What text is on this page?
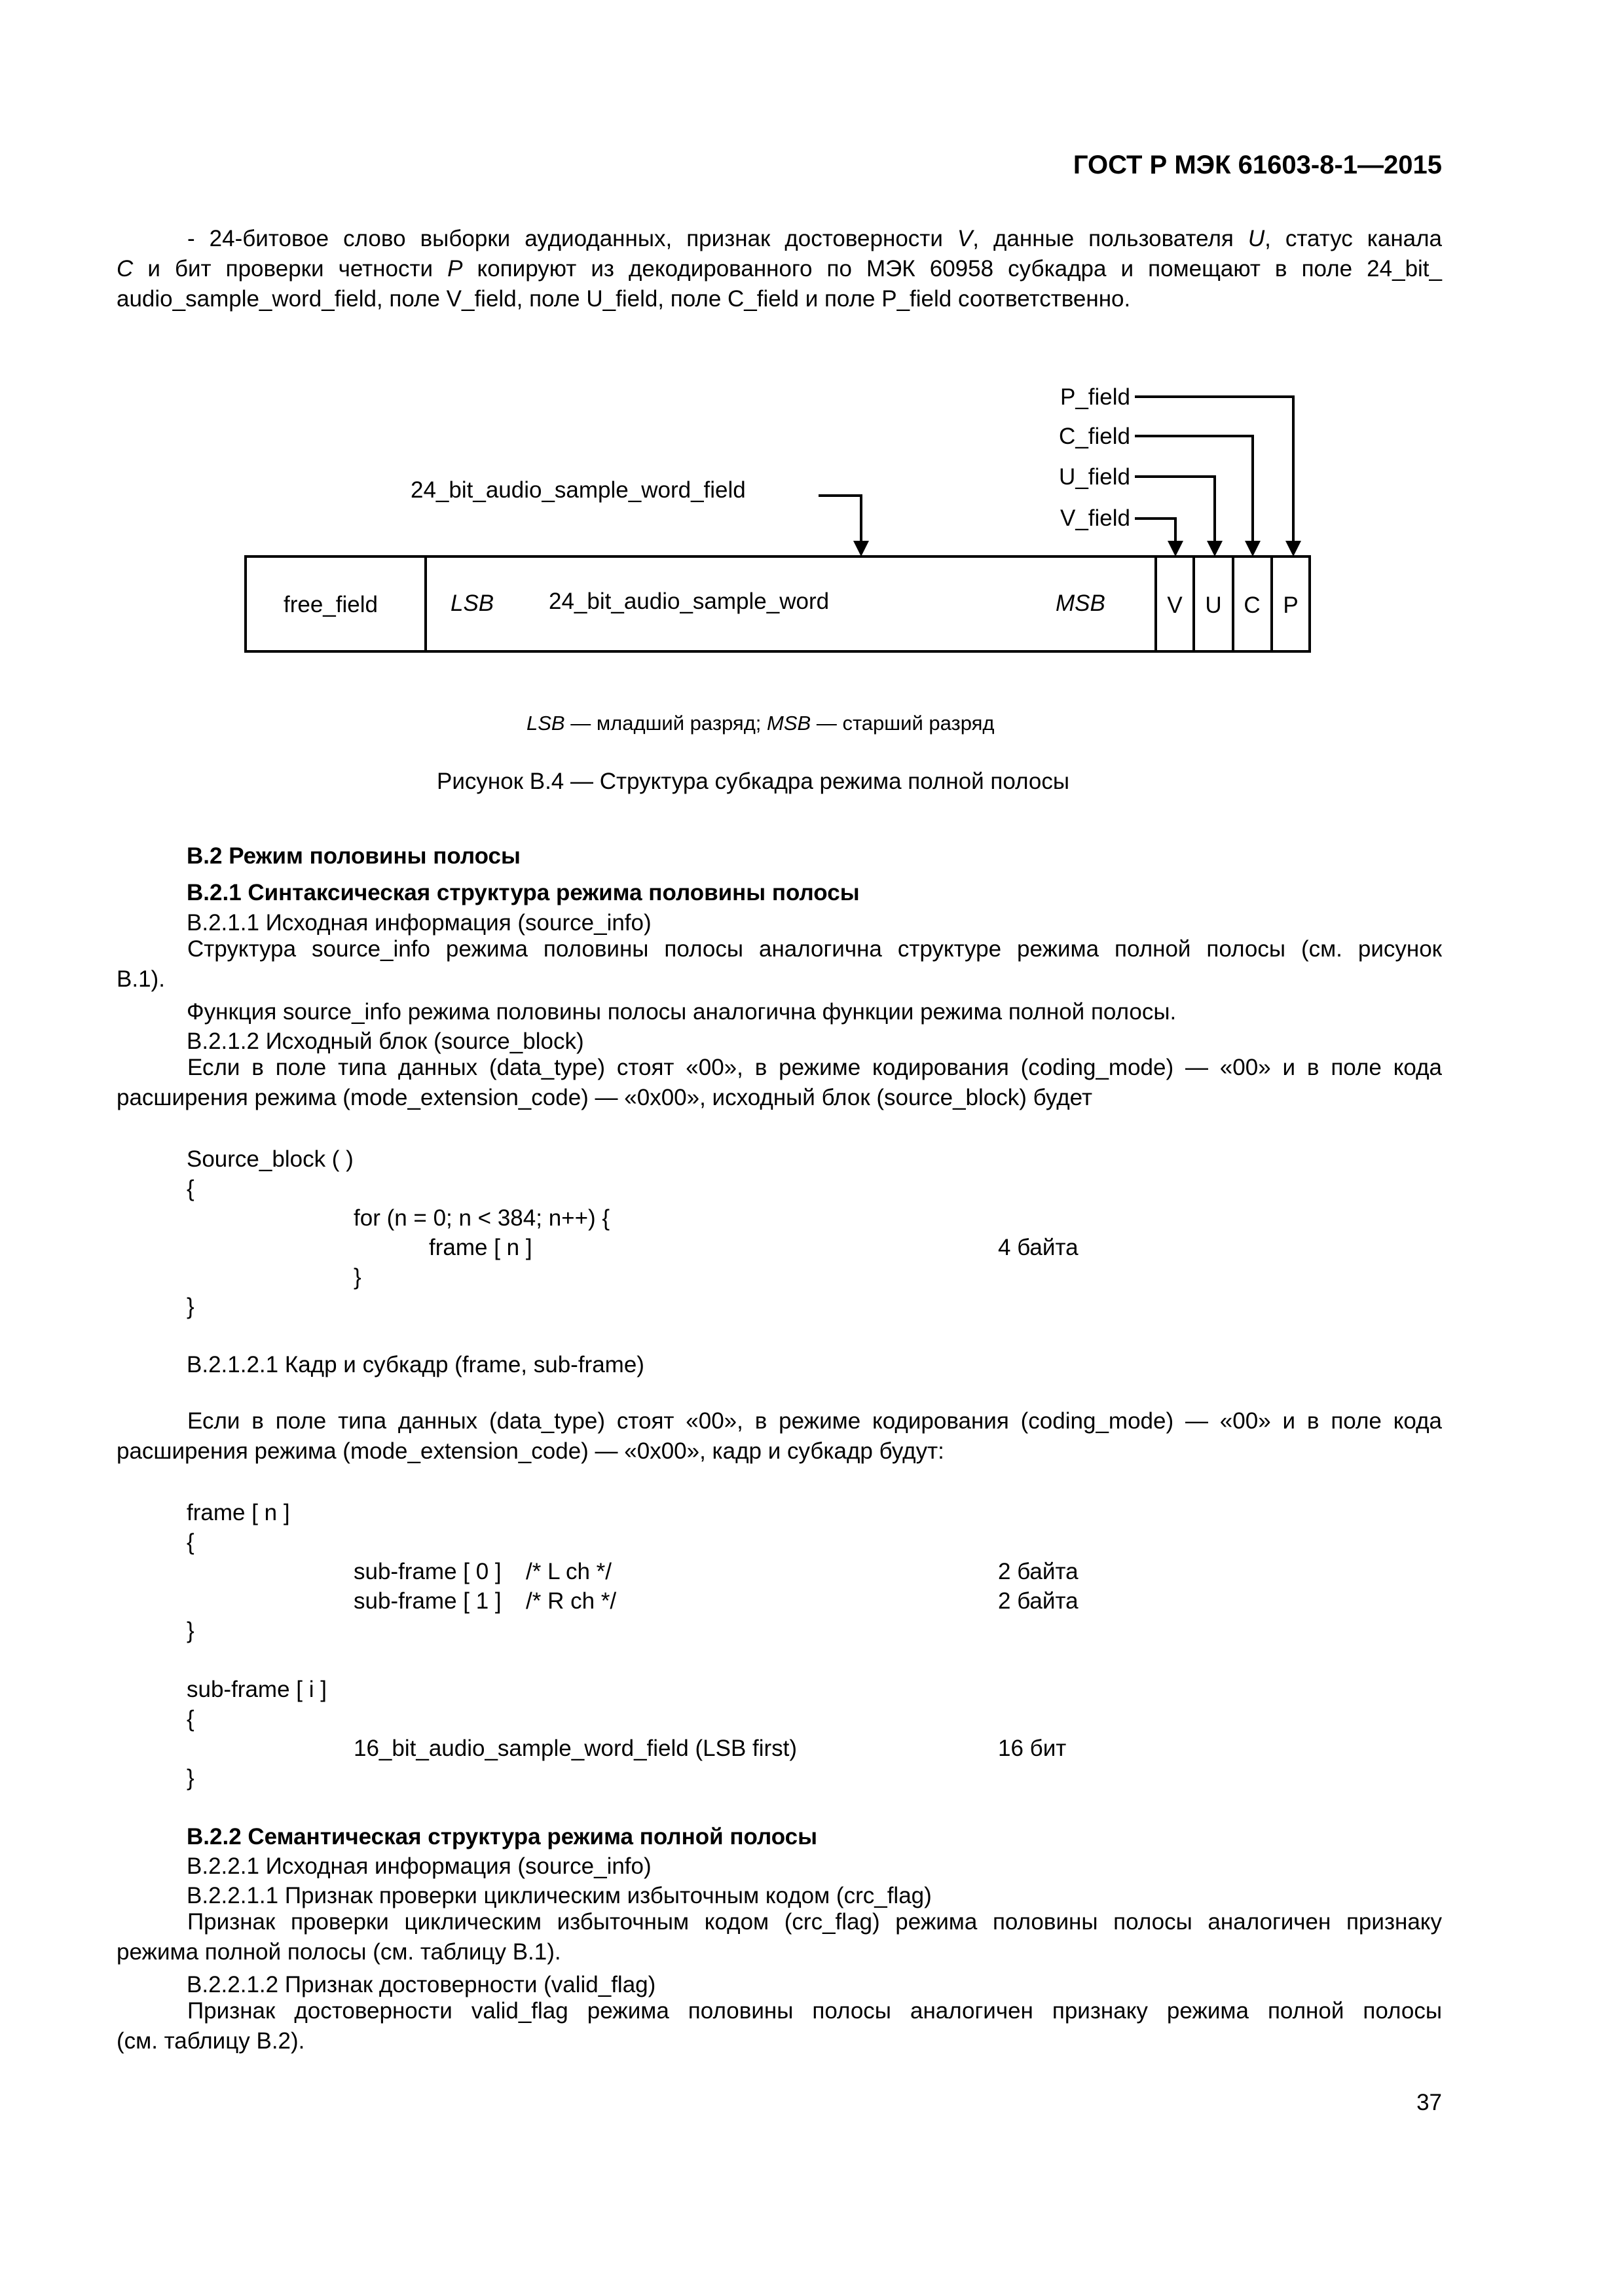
ГОСТ Р МЭК 61603-8-1—2015
- 24-битовое слово выборки аудиоданных, признак достоверности V, данные пользователя U, статус канала
C и бит проверки четности P копируют из декодированного по МЭК 60958 субкадра и помещают в поле 24_bit_
audio_sample_word_field, поле V_field, поле U_field, поле C_field и поле P_field соответственно.
P_field
C_field
U_field
V_field
24_bit_audio_sample_word_field
free_field	LSB 24_bit_audio_sample_word	MSB	V U C P
LSB — младший разряд; MSB — старший разряд
Рисунок В.4 — Структура субкадра режима полной полосы
В.2 Режим половины полосы
В.2.1 Синтаксическая структура режима половины полосы
В.2.1.1 Исходная информация (source_info)
Структура source_info режима половины полосы аналогична структуре режима полной полосы (см. рисунок
В.1).
Функция source_info режима половины полосы аналогична функции режима полной полосы.
В.2.1.2 Исходный блок (source_block)
Если в поле типа данных (data_type) стоят «00», в режиме кодирования (coding_mode) — «00» и в поле кода
расширения режима (mode_extension_code) — «0x00», исходный блок (source_block) будет
Source_block ( )
{
for (n = 0; n < 384; n++) {
frame [ n ]	4 байта
}
}
В.2.1.2.1 Кадр и субкадр (frame, sub-frame)
Если в поле типа данных (data_type) стоят «00», в режиме кодирования (coding_mode) — «00» и в поле кода
расширения режима (mode_extension_code) — «0x00», кадр и субкадр будут:
frame [ n ]
{
sub-frame [ 0 ] /* L ch */	2 байта
sub-frame [ 1 ] /* R ch */	2 байта
}
sub-frame [ i ]
{
16_bit_audio_sample_word_field (LSB first)	16 бит
}
В.2.2 Семантическая структура режима полной полосы
В.2.2.1 Исходная информация (source_info)
В.2.2.1.1 Признак проверки циклическим избыточным кодом (crc_flag)
Признак проверки циклическим избыточным кодом (crc_flag) режима половины полосы аналогичен признаку
режима полной полосы (см. таблицу В.1).
В.2.2.1.2 Признак достоверности (valid_flag)
Признак достоверности valid_flag режима половины полосы аналогичен признаку режима полной полосы
(см. таблицу В.2).
37
